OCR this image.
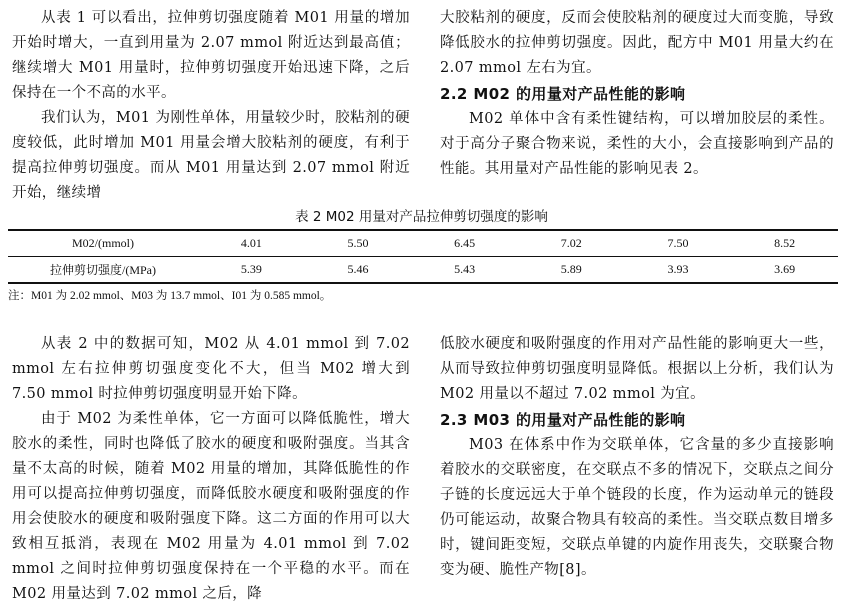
从表 1 可以看出，拉伸剪切强度随着 M01 用量的增加开始时增大，一直到用量为 2.07 mmol 附近达到最高值；继续增大 M01 用量时，拉伸剪切强度开始迅速下降，之后保持在一个不高的水平。

我们认为，M01 为刚性单体，用量较少时，胶粘剂的硬度较低，此时增加 M01 用量会增大胶粘剂的硬度，有利于提高拉伸剪切强度。而从 M01 用量达到 2.07 mmol 附近开始，继续增

大胶粘剂的硬度，反而会使胶粘剂的硬度过大而变脆，导致降低胶水的拉伸剪切强度。因此，配方中 M01 用量大约在 2.07 mmol 左右为宜。

2.2 M02 的用量对产品性能的影响

M02 单体中含有柔性键结构，可以增加胶层的柔性。对于高分子聚合物来说，柔性的大小，会直接影响到产品的性能。其用量对产品性能的影响见表 2。

表 2 M02 用量对产品拉伸剪切强度的影响
M02/(mmol)	4.01	5.50	6.45	7.02	7.50	8.52
拉伸剪切强度/(MPa)	5.39	5.46	5.43	5.89	3.93	3.69
注：M01 为 2.02 mmol、M03 为 13.7 mmol、I01 为 0.585 mmol。

从表 2 中的数据可知，M02 从 4.01 mmol 到 7.02 mmol 左右拉伸剪切强度变化不大，但当 M02 增大到 7.50 mmol 时拉伸剪切强度明显开始下降。

由于 M02 为柔性单体，它一方面可以降低脆性，增大胶水的柔性，同时也降低了胶水的硬度和吸附强度。当其含量不太高的时候，随着 M02 用量的增加，其降低脆性的作用可以提高拉伸剪切强度，而降低胶水硬度和吸附强度的作用会使胶水的硬度和吸附强度下降。这二方面的作用可以大致相互抵消，表现在 M02 用量为 4.01 mmol 到 7.02 mmol 之间时拉伸剪切强度保持在一个平稳的水平。而在 M02 用量达到 7.02 mmol 之后，降

低胶水硬度和吸附强度的作用对产品性能的影响更大一些，从而导致拉伸剪切强度明显降低。根据以上分析，我们认为 M02 用量以不超过 7.02 mmol 为宜。

2.3 M03 的用量对产品性能的影响

M03 在体系中作为交联单体，它含量的多少直接影响着胶水的交联密度，在交联点不多的情况下，交联点之间分子链的长度远远大于单个链段的长度，作为运动单元的链段仍可能运动，故聚合物具有较高的柔性。当交联点数目增多时，键间距变短，交联点单键的内旋作用丧失，交联聚合物变为硬、脆性产物[8]。
